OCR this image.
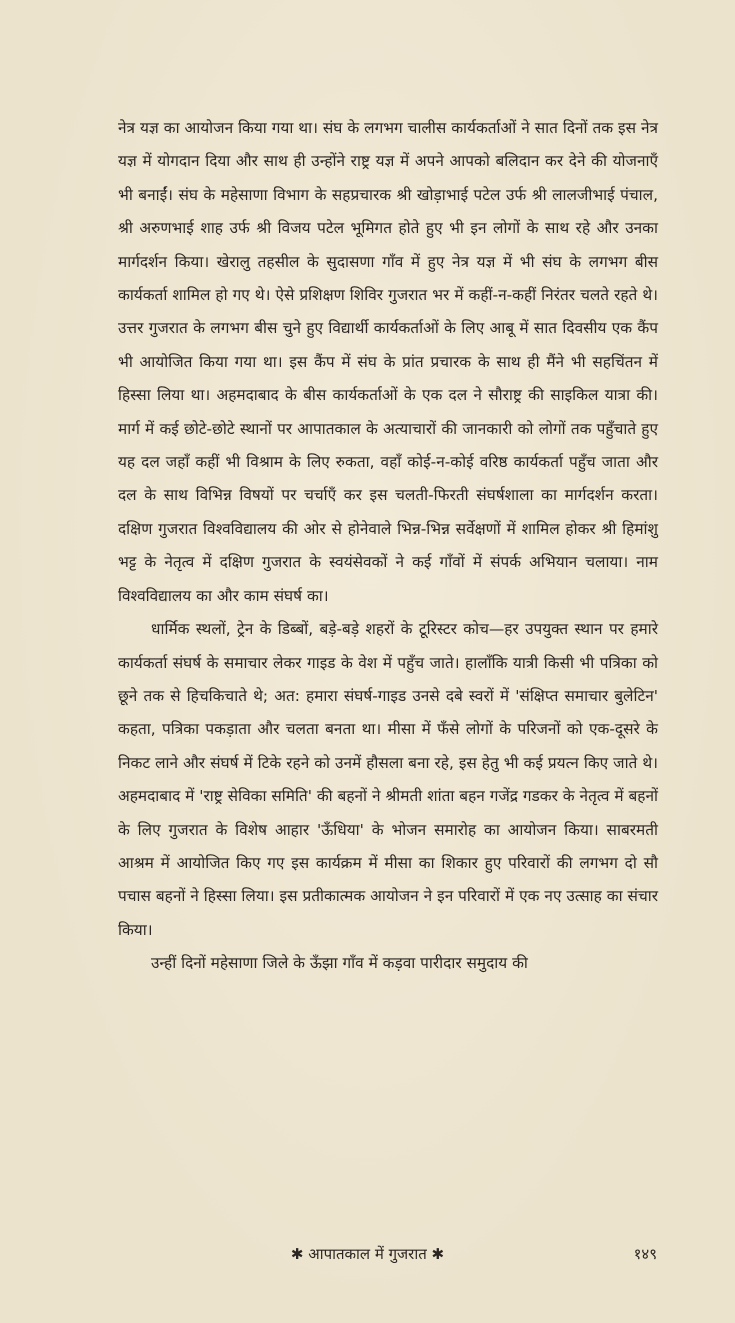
नेत्र यज्ञ का आयोजन किया गया था। संघ के लगभग चालीस कार्यकर्ताओं ने सात दिनों तक इस नेत्र यज्ञ में योगदान दिया और साथ ही उन्होंने राष्ट्र यज्ञ में अपने आपको बलिदान कर देने की योजनाएँ भी बनाईं। संघ के महेसाणा विभाग के सहप्रचारक श्री खोड़ाभाई पटेल उर्फ श्री लालजीभाई पंचाल, श्री अरुणभाई शाह उर्फ श्री विजय पटेल भूमिगत होते हुए भी इन लोगों के साथ रहे और उनका मार्गदर्शन किया। खेरालु तहसील के सुदासणा गाँव में हुए नेत्र यज्ञ में भी संघ के लगभग बीस कार्यकर्ता शामिल हो गए थे। ऐसे प्रशिक्षण शिविर गुजरात भर में कहीं-न-कहीं निरंतर चलते रहते थे। उत्तर गुजरात के लगभग बीस चुने हुए विद्यार्थी कार्यकर्ताओं के लिए आबू में सात दिवसीय एक कैंप भी आयोजित किया गया था। इस कैंप में संघ के प्रांत प्रचारक के साथ ही मैंने भी सहचिंतन में हिस्सा लिया था। अहमदाबाद के बीस कार्यकर्ताओं के एक दल ने सौराष्ट्र की साइकिल यात्रा की। मार्ग में कई छोटे-छोटे स्थानों पर आपातकाल के अत्याचारों की जानकारी को लोगों तक पहुँचाते हुए यह दल जहाँ कहीं भी विश्राम के लिए रुकता, वहाँ कोई-न-कोई वरिष्ठ कार्यकर्ता पहुँच जाता और दल के साथ विभिन्न विषयों पर चर्चाएँ कर इस चलती-फिरती संघर्षशाला का मार्गदर्शन करता। दक्षिण गुजरात विश्वविद्यालय की ओर से होनेवाले भिन्न-भिन्न सर्वेक्षणों में शामिल होकर श्री हिमांशु भट्ट के नेतृत्व में दक्षिण गुजरात के स्वयंसेवकों ने कई गाँवों में संपर्क अभियान चलाया। नाम विश्वविद्यालय का और काम संघर्ष का।

धार्मिक स्थलों, ट्रेन के डिब्बों, बड़े-बड़े शहरों के टूरिस्टर कोच—हर उपयुक्त स्थान पर हमारे कार्यकर्ता संघर्ष के समाचार लेकर गाइड के वेश में पहुँच जाते। हालाँकि यात्री किसी भी पत्रिका को छूने तक से हिचकिचाते थे; अत: हमारा संघर्ष-गाइड उनसे दबे स्वरों में 'संक्षिप्त समाचार बुलेटिन' कहता, पत्रिका पकड़ाता और चलता बनता था। मीसा में फँसे लोगों के परिजनों को एक-दूसरे के निकट लाने और संघर्ष में टिके रहने को उनमें हौसला बना रहे, इस हेतु भी कई प्रयत्न किए जाते थे। अहमदाबाद में 'राष्ट्र सेविका समिति' की बहनों ने श्रीमती शांता बहन गजेंद्र गडकर के नेतृत्व में बहनों के लिए गुजरात के विशेष आहार 'ऊँधिया' के भोजन समारोह का आयोजन किया। साबरमती आश्रम में आयोजित किए गए इस कार्यक्रम में मीसा का शिकार हुए परिवारों की लगभग दो सौ पचास बहनों ने हिस्सा लिया। इस प्रतीकात्मक आयोजन ने इन परिवारों में एक नए उत्साह का संचार किया।

उन्हीं दिनों महेसाणा जिले के ऊँझा गाँव में कड़वा पारीदार समुदाय की

✱ आपातकाल में गुजरात ✱	१४९
